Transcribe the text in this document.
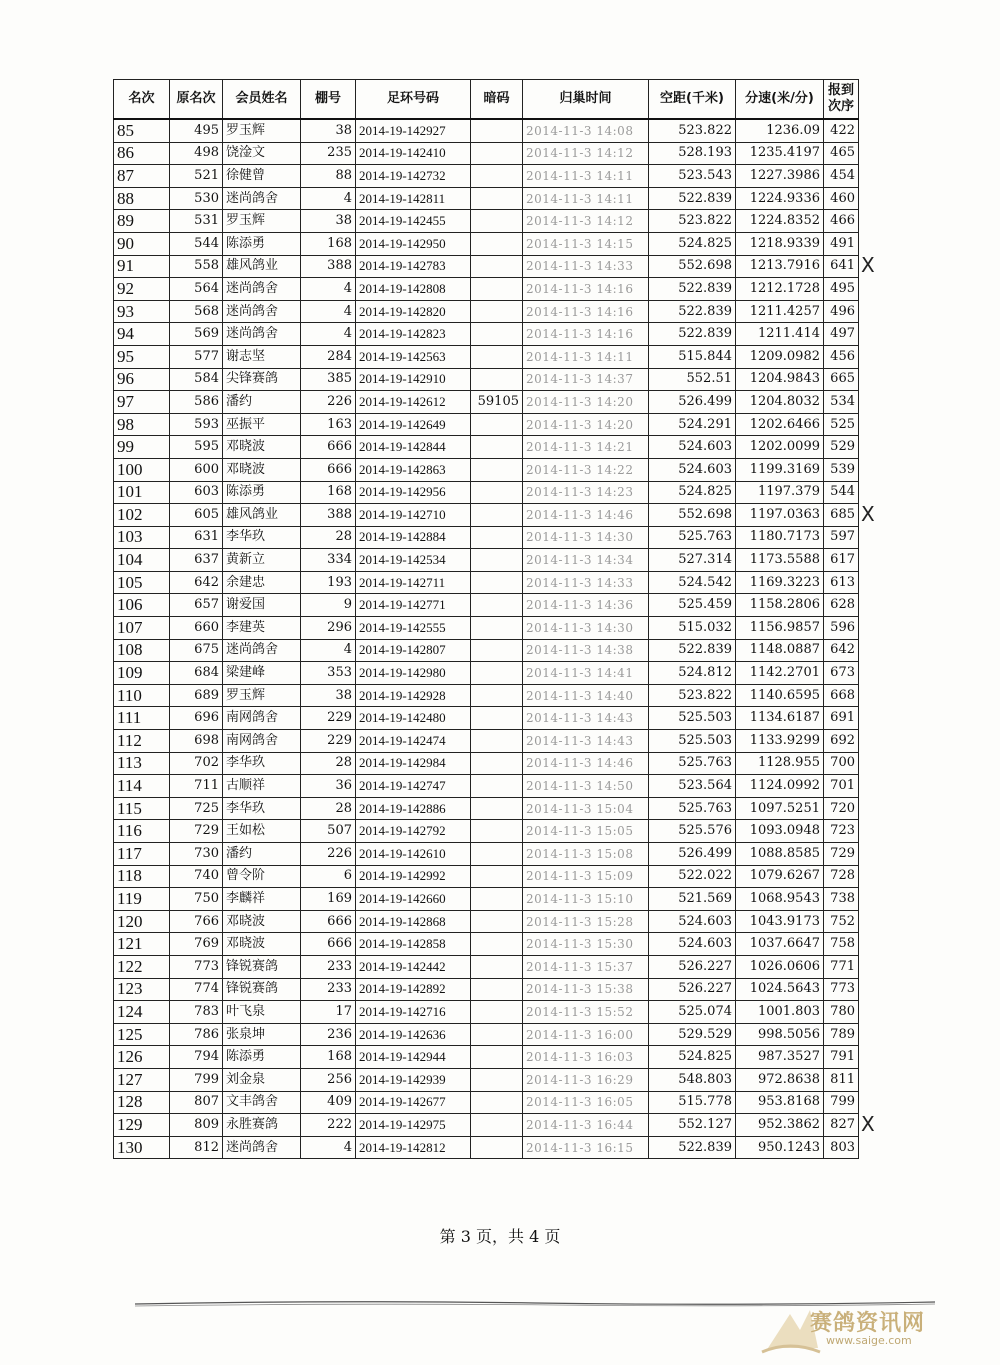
名次	原名次	会员姓名	棚号	足环号码	暗码	归巢时间	空距(千米)	分速(米/分)	报到
次序
85	495	罗玉辉	38	2014-19-142927		2014-11-3 14:08	523.822	1236.09	422
86	498	饶淦文	235	2014-19-142410		2014-11-3 14:12	528.193	1235.4197	465
87	521	徐健曾	88	2014-19-142732		2014-11-3 14:11	523.543	1227.3986	454
88	530	迷尚鸽舍	4	2014-19-142811		2014-11-3 14:11	522.839	1224.9336	460
89	531	罗玉辉	38	2014-19-142455		2014-11-3 14:12	523.822	1224.8352	466
90	544	陈添勇	168	2014-19-142950		2014-11-3 14:15	524.825	1218.9339	491
91	558	雄风鸽业	388	2014-19-142783		2014-11-3 14:33	552.698	1213.7916	641
92	564	迷尚鸽舍	4	2014-19-142808		2014-11-3 14:16	522.839	1212.1728	495
93	568	迷尚鸽舍	4	2014-19-142820		2014-11-3 14:16	522.839	1211.4257	496
94	569	迷尚鸽舍	4	2014-19-142823		2014-11-3 14:16	522.839	1211.414	497
95	577	谢志坚	284	2014-19-142563		2014-11-3 14:11	515.844	1209.0982	456
96	584	尖锋赛鸽	385	2014-19-142910		2014-11-3 14:37	552.51	1204.9843	665
97	586	潘约	226	2014-19-142612	59105	2014-11-3 14:20	526.499	1204.8032	534
98	593	巫振平	163	2014-19-142649		2014-11-3 14:20	524.291	1202.6466	525
99	595	邓晓波	666	2014-19-142844		2014-11-3 14:21	524.603	1202.0099	529
100	600	邓晓波	666	2014-19-142863		2014-11-3 14:22	524.603	1199.3169	539
101	603	陈添勇	168	2014-19-142956		2014-11-3 14:23	524.825	1197.379	544
102	605	雄风鸽业	388	2014-19-142710		2014-11-3 14:46	552.698	1197.0363	685
103	631	李华玖	28	2014-19-142884		2014-11-3 14:30	525.763	1180.7173	597
104	637	黄新立	334	2014-19-142534		2014-11-3 14:34	527.314	1173.5588	617
105	642	余建忠	193	2014-19-142711		2014-11-3 14:33	524.542	1169.3223	613
106	657	谢爱国	9	2014-19-142771		2014-11-3 14:36	525.459	1158.2806	628
107	660	李建英	296	2014-19-142555		2014-11-3 14:30	515.032	1156.9857	596
108	675	迷尚鸽舍	4	2014-19-142807		2014-11-3 14:38	522.839	1148.0887	642
109	684	梁建峰	353	2014-19-142980		2014-11-3 14:41	524.812	1142.2701	673
110	689	罗玉辉	38	2014-19-142928		2014-11-3 14:40	523.822	1140.6595	668
111	696	南网鸽舍	229	2014-19-142480		2014-11-3 14:43	525.503	1134.6187	691
112	698	南网鸽舍	229	2014-19-142474		2014-11-3 14:43	525.503	1133.9299	692
113	702	李华玖	28	2014-19-142984		2014-11-3 14:46	525.763	1128.955	700
114	711	古顺祥	36	2014-19-142747		2014-11-3 14:50	523.564	1124.0992	701
115	725	李华玖	28	2014-19-142886		2014-11-3 15:04	525.763	1097.5251	720
116	729	王如松	507	2014-19-142792		2014-11-3 15:05	525.576	1093.0948	723
117	730	潘约	226	2014-19-142610		2014-11-3 15:08	526.499	1088.8585	729
118	740	曾令阶	6	2014-19-142992		2014-11-3 15:09	522.022	1079.6267	728
119	750	李麟祥	169	2014-19-142660		2014-11-3 15:10	521.569	1068.9543	738
120	766	邓晓波	666	2014-19-142868		2014-11-3 15:28	524.603	1043.9173	752
121	769	邓晓波	666	2014-19-142858		2014-11-3 15:30	524.603	1037.6647	758
122	773	锋锐赛鸽	233	2014-19-142442		2014-11-3 15:37	526.227	1026.0606	771
123	774	锋锐赛鸽	233	2014-19-142892		2014-11-3 15:38	526.227	1024.5643	773
124	783	叶飞泉	17	2014-19-142716		2014-11-3 15:52	525.074	1001.803	780
125	786	张泉坤	236	2014-19-142636		2014-11-3 16:00	529.529	998.5056	789
126	794	陈添勇	168	2014-19-142944		2014-11-3 16:03	524.825	987.3527	791
127	799	刘金泉	256	2014-19-142939		2014-11-3 16:29	548.803	972.8638	811
128	807	文丰鸽舍	409	2014-19-142677		2014-11-3 16:05	515.778	953.8168	799
129	809	永胜赛鸽	222	2014-19-142975		2014-11-3 16:44	552.127	952.3862	827
130	812	迷尚鸽舍	4	2014-19-142812		2014-11-3 16:15	522.839	950.1243	803
X
X
X
第 3 页，共 4 页
赛鸽资讯网
www.saige.com
